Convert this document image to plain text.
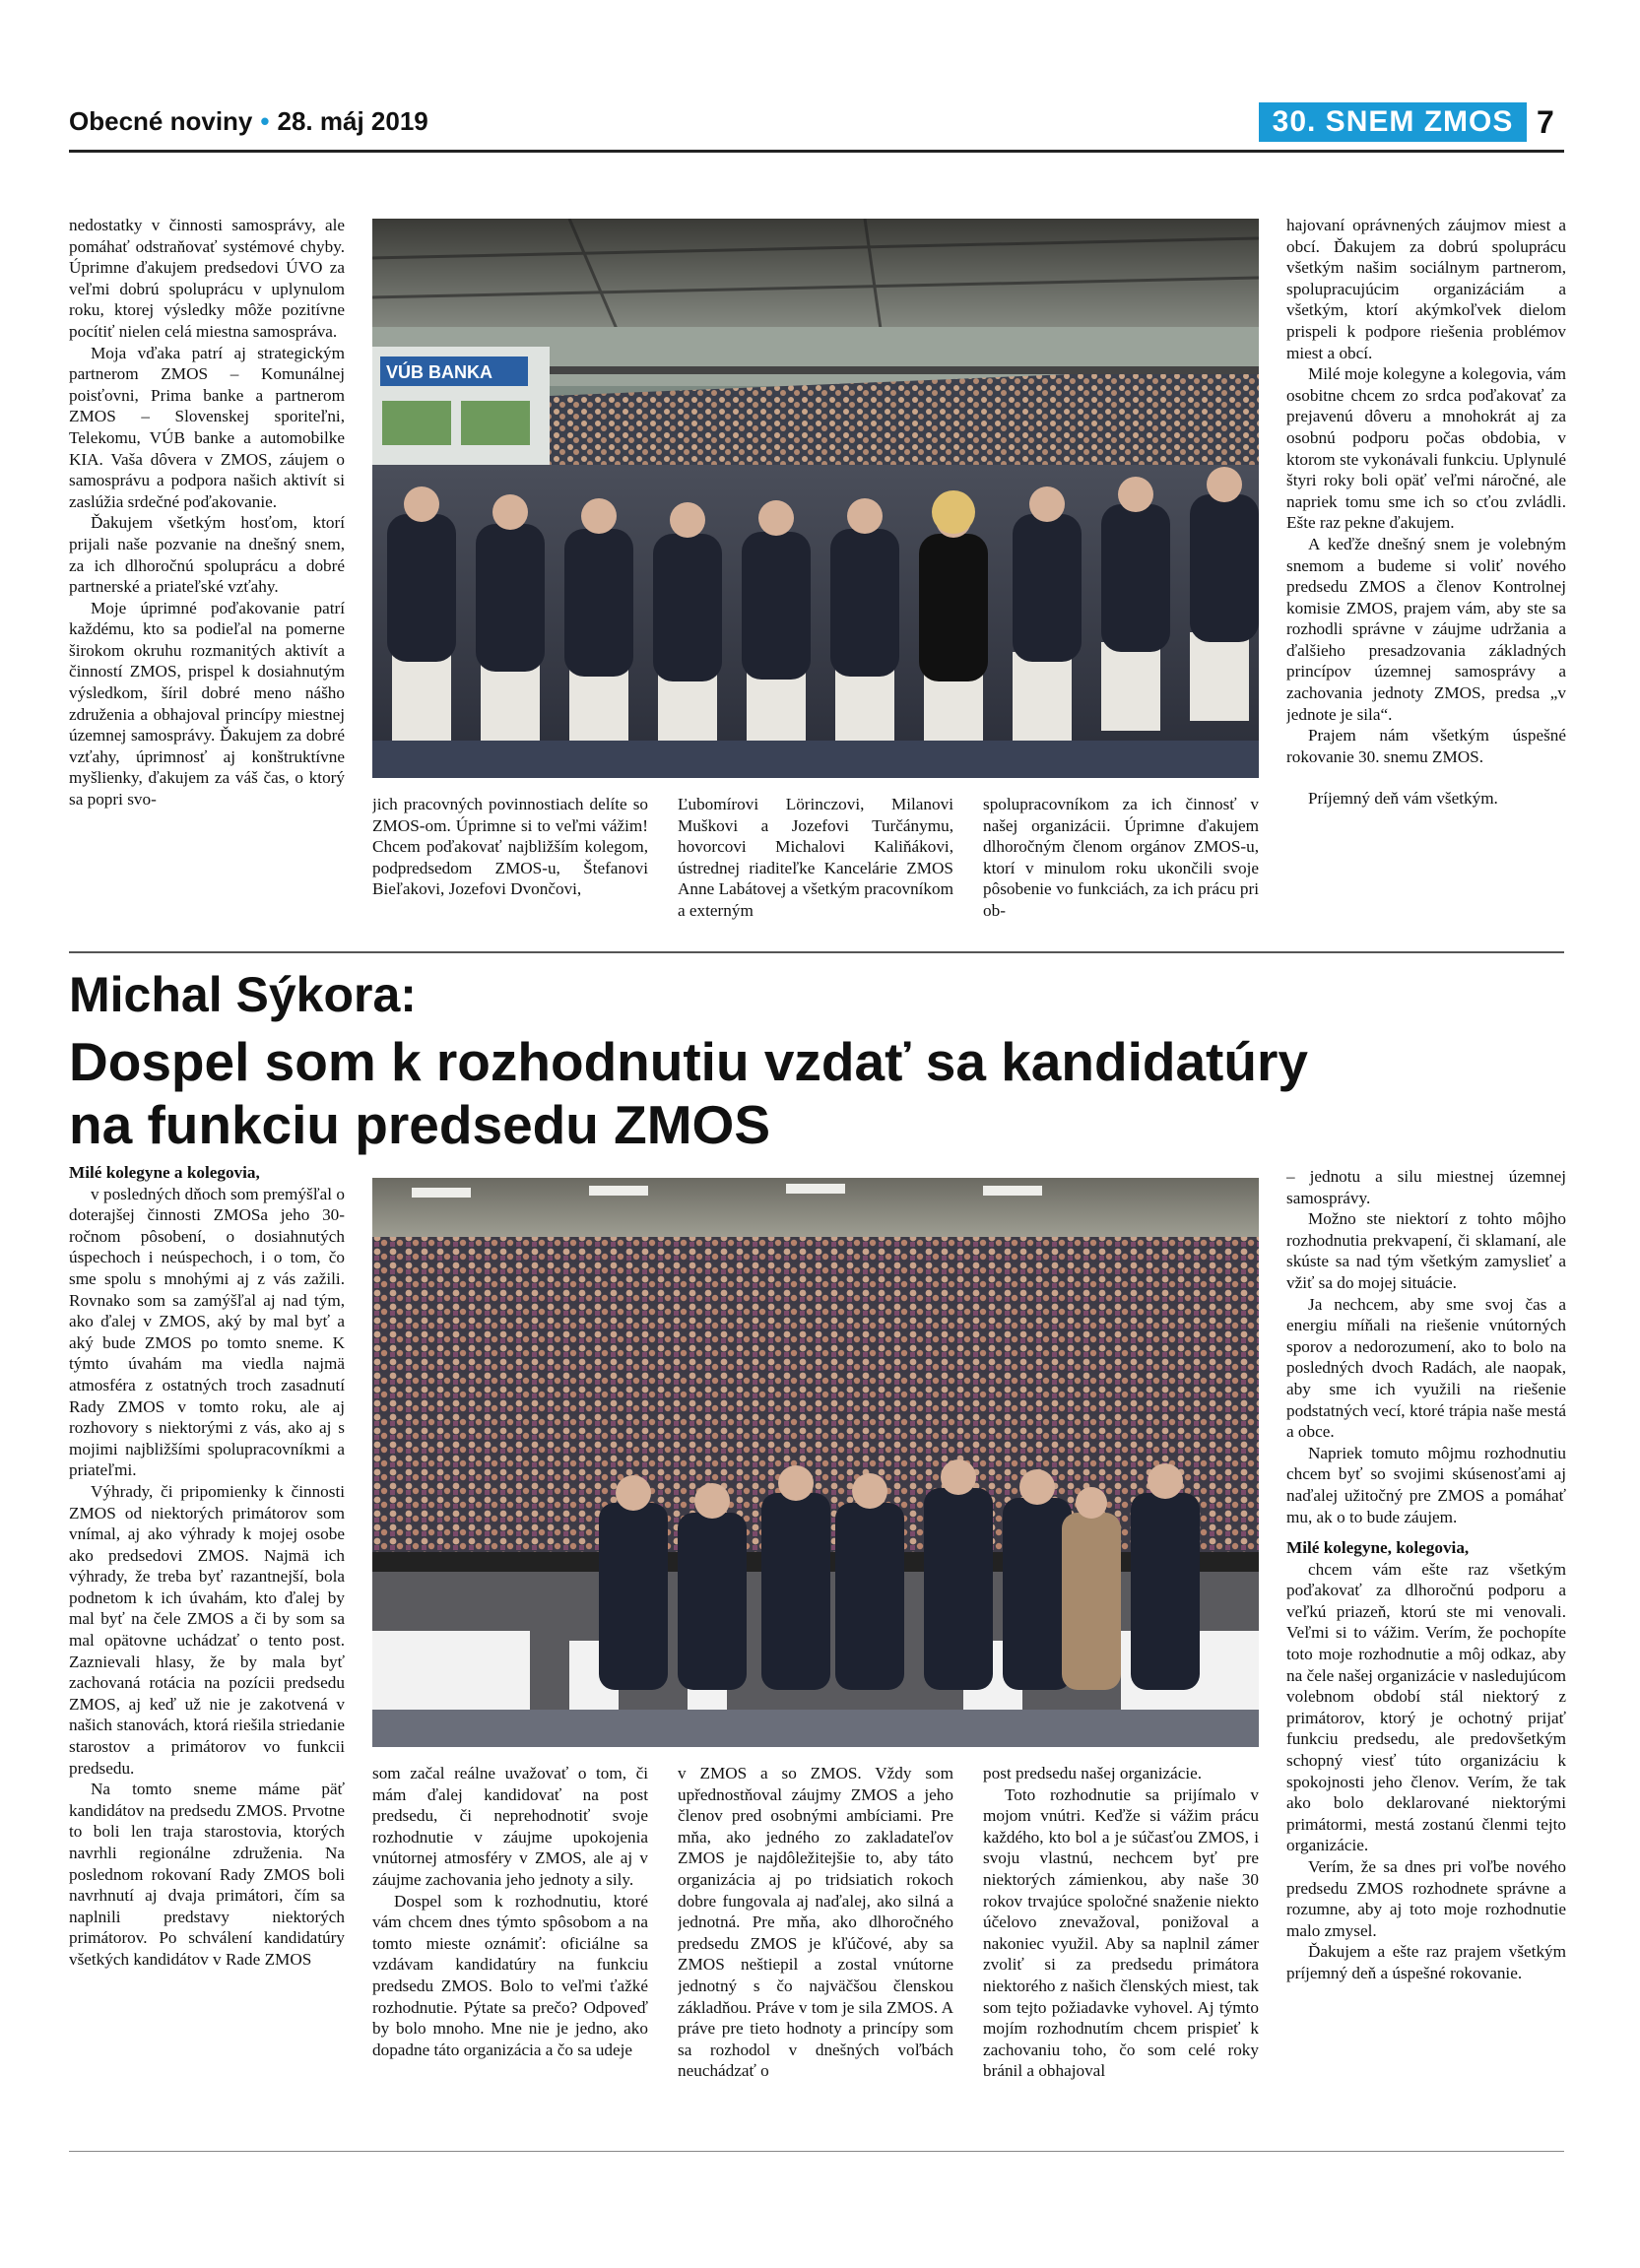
Obecné noviny • 28. máj 2019	30. SNEM ZMOS 7

nedostatky v činnosti samosprávy, ale pomáhať odstraňovať systémové chyby. Úprimne ďakujem predsedovi ÚVO za veľmi dobrú spoluprácu v uplynulom roku, ktorej výsledky môže pozitívne pocítiť nielen celá miestna samospráva.

Moja vďaka patrí aj strategickým partnerom ZMOS – Komunálnej poisťovni, Prima banke a partnerom ZMOS – Slovenskej sporiteľni, Telekomu, VÚB banke a automobilke KIA. Vaša dôvera v ZMOS, záujem o samosprávu a podpora našich aktivít si zaslúžia srdečné poďakovanie.

Ďakujem všetkým hosťom, ktorí prijali naše pozvanie na dnešný snem, za ich dlhoročnú spoluprácu a dobré partnerské a priateľské vzťahy.

Moje úprimné poďakovanie patrí každému, kto sa podieľal na pomerne širokom okruhu rozmanitých aktivít a činností ZMOS, prispel k dosiahnutým výsledkom, šíril dobré meno nášho združenia a obhajoval princípy miestnej územnej samosprávy. Ďakujem za dobré vzťahy, úprimnosť aj konštruktívne myšlienky, ďakujem za váš čas, o ktorý sa popri svo-

VÚB BANKA

jich pracovných povinnostiach delíte so ZMOS-om. Úprimne si to veľmi vážim! Chcem poďakovať najbližším kolegom, podpredsedom ZMOS-u, Štefanovi Bieľakovi, Jozefovi Dvončovi,

Ľubomírovi Lörinczovi, Milanovi Muškovi a Jozefovi Turčánymu, hovorcovi Michalovi Kaliňákovi, ústrednej riaditeľke Kancelárie ZMOS Anne Labátovej a všetkým pracovníkom a externým

spolupracovníkom za ich činnosť v našej organizácii. Úprimne ďakujem dlhoročným členom orgánov ZMOS-u, ktorí v minulom roku ukončili svoje pôsobenie vo funkciách, za ich prácu pri ob-

hajovaní oprávnených záujmov miest a obcí. Ďakujem za dobrú spoluprácu všetkým našim sociálnym partnerom, spolupracujúcim organizáciám a všetkým, ktorí akýmkoľvek dielom prispeli k podpore riešenia problémov miest a obcí.

Milé moje kolegyne a kolegovia, vám osobitne chcem zo srdca poďakovať za prejavenú dôveru a mnohokrát aj za osobnú podporu počas obdobia, v ktorom ste vykonávali funkciu. Uplynulé štyri roky boli opäť veľmi náročné, ale napriek tomu sme ich so cťou zvládli. Ešte raz pekne ďakujem.

A keďže dnešný snem je volebným snemom a budeme si voliť nového predsedu ZMOS a členov Kontrolnej komisie ZMOS, prajem vám, aby ste sa rozhodli správne v záujme udržania a ďalšieho presadzovania základných princípov územnej samosprávy a zachovania jednoty ZMOS, predsa „v jednote je sila“.

Prajem nám všetkým úspešné rokovanie 30. snemu ZMOS.

Príjemný deň vám všetkým.

Michal Sýkora:
Dospel som k rozhodnutiu vzdať sa kandidatúry
na funkciu predsedu ZMOS

Milé kolegyne a kolegovia,

v posledných dňoch som premýšľal o doterajšej činnosti ZMOSa jeho 30-ročnom pôsobení, o dosiahnutých úspechoch i neúspechoch, i o tom, čo sme spolu s mnohými aj z vás zažili. Rovnako som sa zamýšľal aj nad tým, ako ďalej v ZMOS, aký by mal byť a aký bude ZMOS po tomto sneme. K týmto úvahám ma viedla najmä atmosféra z ostatných troch zasadnutí Rady ZMOS v tomto roku, ale aj rozhovory s niektorými z vás, ako aj s mojimi najbližšími spolupracovníkmi a priateľmi.

Výhrady, či pripomienky k činnosti ZMOS od niektorých primátorov som vnímal, aj ako výhrady k mojej osobe ako predsedovi ZMOS. Najmä ich výhrady, že treba byť razantnejší, bola podnetom k ich úvahám, kto ďalej by mal byť na čele ZMOS a či by som sa mal opätovne uchádzať o tento post. Zaznievali hlasy, že by mala byť zachovaná rotácia na pozícii predsedu ZMOS, aj keď už nie je zakotvená v našich stanovách, ktorá riešila striedanie starostov a primátorov vo funkcii predsedu.

Na tomto sneme máme päť kandidátov na predsedu ZMOS. Prvotne to boli len traja starostovia, ktorých navrhli regionálne združenia. Na poslednom rokovaní Rady ZMOS boli navrhnutí aj dvaja primátori, čím sa naplnili predstavy niektorých primátorov. Po schválení kandidatúry všetkých kandidátov v Rade ZMOS

som začal reálne uvažovať o tom, či mám ďalej kandidovať na post predsedu, či neprehodnotiť svoje rozhodnutie v záujme upokojenia vnútornej atmosféry v ZMOS, ale aj v záujme zachovania jeho jednoty a sily.

Dospel som k rozhodnutiu, ktoré vám chcem dnes týmto spôsobom a na tomto mieste oznámiť: oficiálne sa vzdávam kandidatúry na funkciu predsedu ZMOS. Bolo to veľmi ťažké rozhodnutie. Pýtate sa prečo? Odpoveď by bolo mnoho. Mne nie je jedno, ako dopadne táto organizácia a čo sa udeje

v ZMOS a so ZMOS. Vždy som upřednostňoval záujmy ZMOS a jeho členov pred osobnými ambíciami. Pre mňa, ako jedného zo zakladateľov ZMOS je najdôležitejšie to, aby táto organizácia aj po tridsiatich rokoch dobre fungovala aj naďalej, ako silná a jednotná. Pre mňa, ako dlhoročného predsedu ZMOS je kľúčové, aby sa ZMOS neštiepil a zostal vnútorne jednotný s čo najväčšou členskou základňou. Práve v tom je sila ZMOS. A práve pre tieto hodnoty a princípy som sa rozhodol v dnešných voľbách neuchádzať o

post predsedu našej organizácie.

Toto rozhodnutie sa prijímalo v mojom vnútri. Keďže si vážim prácu každého, kto bol a je súčasťou ZMOS, i svoju vlastnú, nechcem byť pre niektorých zámienkou, aby naše 30 rokov trvajúce spoločné snaženie niekto účelovo znevažoval, ponižoval a nakoniec využil. Aby sa naplnil zámer zvoliť si za predsedu primátora niektorého z našich členských miest, tak som tejto požiadavke vyhovel. Aj týmto mojím rozhodnutím chcem prispieť k zachovaniu toho, čo som celé roky bránil a obhajoval

– jednotu a silu miestnej územnej samosprávy.

Možno ste niektorí z tohto môjho rozhodnutia prekvapení, či sklamaní, ale skúste sa nad tým všetkým zamyslieť a vžiť sa do mojej situácie.

Ja nechcem, aby sme svoj čas a energiu míňali na riešenie vnútorných sporov a nedorozumení, ako to bolo na posledných dvoch Radách, ale naopak, aby sme ich využili na riešenie podstatných vecí, ktoré trápia naše mestá a obce.

Napriek tomuto môjmu rozhodnutiu chcem byť so svojimi skúsenosťami aj naďalej užitočný pre ZMOS a pomáhať mu, ak o to bude záujem.

Milé kolegyne, kolegovia,

chcem vám ešte raz všetkým poďakovať za dlhoročnú podporu a veľkú priazeň, ktorú ste mi venovali. Veľmi si to vážim. Verím, že pochopíte toto moje rozhodnutie a môj odkaz, aby na čele našej organizácie v nasledujúcom volebnom období stál niektorý z primátorov, ktorý je ochotný prijať funkciu predsedu, ale predovšetkým schopný viesť túto organizáciu k spokojnosti jeho členov. Verím, že tak ako bolo deklarované niektorými primátormi, mestá zostanú členmi tejto organizácie.

Verím, že sa dnes pri voľbe nového predsedu ZMOS rozhodnete správne a rozumne, aby aj toto moje rozhodnutie malo zmysel.

Ďakujem a ešte raz prajem všetkým príjemný deň a úspešné rokovanie.
